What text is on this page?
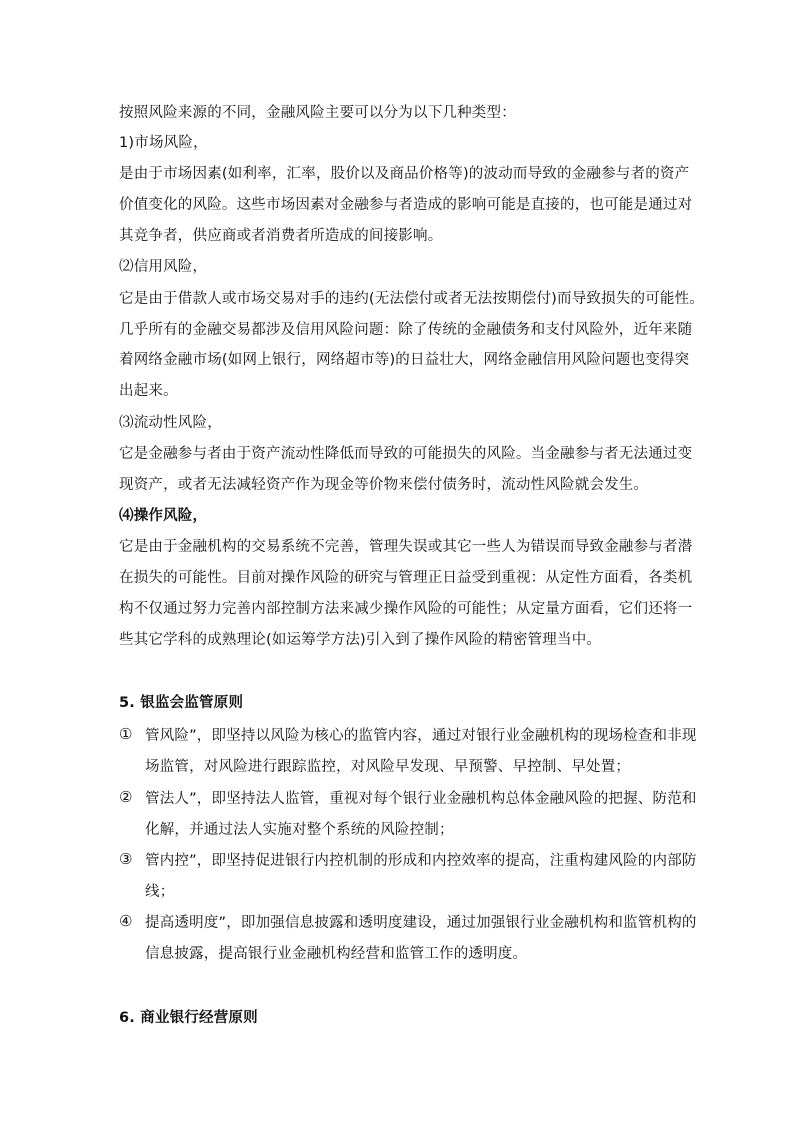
按照风险来源的不同，金融风险主要可以分为以下几种类型：
1)市场风险，
是由于市场因素(如利率，汇率，股价以及商品价格等)的波动而导致的金融参与者的资产
价值变化的风险。这些市场因素对金融参与者造成的影响可能是直接的，也可能是通过对
其竞争者，供应商或者消费者所造成的间接影响。
⑵信用风险，
它是由于借款人或市场交易对手的违约(无法偿付或者无法按期偿付)而导致损失的可能性。
几乎所有的金融交易都涉及信用风险问题：除了传统的金融债务和支付风险外，近年来随
着网络金融市场(如网上银行，网络超市等)的日益壮大，网络金融信用风险问题也变得突
出起来。
⑶流动性风险，
它是金融参与者由于资产流动性降低而导致的可能损失的风险。当金融参与者无法通过变
现资产，或者无法减轻资产作为现金等价物来偿付债务时，流动性风险就会发生。
⑷操作风险，
它是由于金融机构的交易系统不完善，管理失误或其它一些人为错误而导致金融参与者潜
在损失的可能性。目前对操作风险的研究与管理正日益受到重视：从定性方面看，各类机
构不仅通过努力完善内部控制方法来减少操作风险的可能性；从定量方面看，它们还将一
些其它学科的成熟理论(如运筹学方法)引入到了操作风险的精密管理当中。
5. 银监会监管原则
① 管风险”，即坚持以风险为核心的监管内容，通过对银行业金融机构的现场检查和非现
场监管，对风险进行跟踪监控，对风险早发现、早预警、早控制、早处置；
② 管法人”，即坚持法人监管，重视对每个银行业金融机构总体金融风险的把握、防范和
化解，并通过法人实施对整个系统的风险控制；
③ 管内控”，即坚持促进银行内控机制的形成和内控效率的提高，注重构建风险的内部防
线；
④ 提高透明度”，即加强信息披露和透明度建设，通过加强银行业金融机构和监管机构的
信息披露，提高银行业金融机构经营和监管工作的透明度。
6. 商业银行经营原则
